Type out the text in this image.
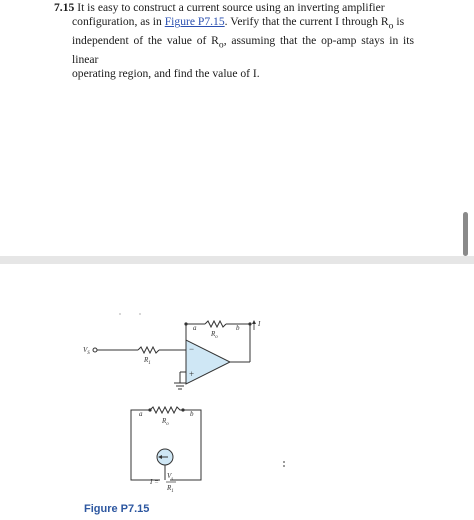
7.15 It is easy to construct a current source using an inverting amplifier
configuration, as in Figure P7.15. Verify that the current I through $R_o$ is
independent of the value of $R_o$, assuming that the op-amp stays in its linear
operating region, and find the value of I.
−
+
$V_S$
$R_1$
$R_o$
a	b	I
$R_o$
a	b
I =
$V_s$
$R_1$
Figure P7.15
